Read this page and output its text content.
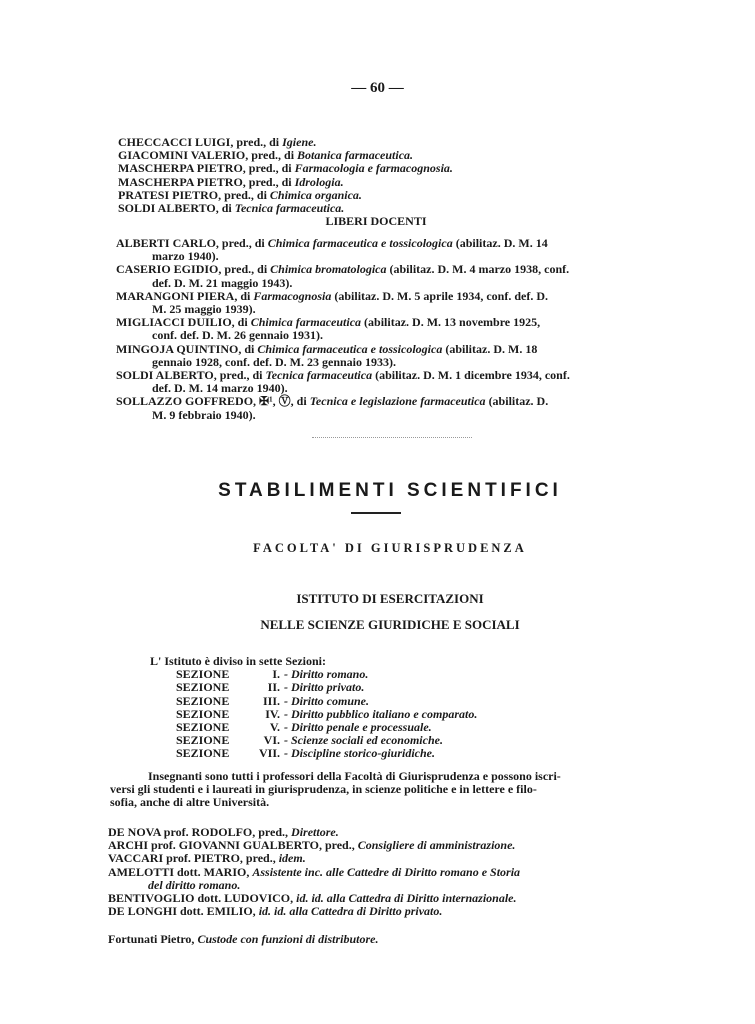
— 60 —
CHECCACCI LUIGI, pred., di Igiene.
GIACOMINI VALERIO, pred., di Botanica farmaceutica.
MASCHERPA PIETRO, pred., di Farmacologia e farmacognosia.
MASCHERPA PIETRO, pred., di Idrologia.
PRATESI PIETRO, pred., di Chimica organica.
SOLDI ALBERTO, di Tecnica farmaceutica.
LIBERI DOCENTI
ALBERTI CARLO, pred., di Chimica farmaceutica e tossicologica (abilitaz. D. M. 14
marzo 1940).
CASERIO EGIDIO, pred., di Chimica bromatologica (abilitaz. D. M. 4 marzo 1938, conf.
def. D. M. 21 maggio 1943).
MARANGONI PIERA, di Farmacognosia (abilitaz. D. M. 5 aprile 1934, conf. def. D.
M. 25 maggio 1939).
MIGLIACCI DUILIO, di Chimica farmaceutica (abilitaz. D. M. 13 novembre 1925,
conf. def. D. M. 26 gennaio 1931).
MINGOJA QUINTINO, di Chimica farmaceutica e tossicologica (abilitaz. D. M. 18
gennaio 1928, conf. def. D. M. 23 gennaio 1933).
SOLDI ALBERTO, pred., di Tecnica farmaceutica (abilitaz. D. M. 1 dicembre 1934, conf.
def. D. M. 14 marzo 1940).
SOLLAZZO GOFFREDO, ✠¹, Ⓥ, di Tecnica e legislazione farmaceutica (abilitaz. D.
M. 9 febbraio 1940).
STABILIMENTI SCIENTIFICI
FACOLTA' DI GIURISPRUDENZA
ISTITUTO DI ESERCITAZIONI
NELLE SCIENZE GIURIDICHE E SOCIALI
L' Istituto è diviso in sette Sezioni:
SEZIONE	I. - Diritto romano.
SEZIONE	II. - Diritto privato.
SEZIONE	III. - Diritto comune.
SEZIONE	IV. - Diritto pubblico italiano e comparato.
SEZIONE	V. - Diritto penale e processuale.
SEZIONE	VI. - Scienze sociali ed economiche.
SEZIONE	VII. - Discipline storico-giuridiche.
Insegnanti sono tutti i professori della Facoltà di Giurisprudenza e possono iscri-
versi gli studenti e i laureati in giurisprudenza, in scienze politiche e in lettere e filo-
sofia, anche di altre Università.
DE NOVA prof. RODOLFO, pred., Direttore.
ARCHI prof. GIOVANNI GUALBERTO, pred., Consigliere di amministrazione.
VACCARI prof. PIETRO, pred., idem.
AMELOTTI dott. MARIO, Assistente inc. alle Cattedre di Diritto romano e Storia
del diritto romano.
BENTIVOGLIO dott. LUDOVICO, id. id. alla Cattedra di Diritto internazionale.
DE LONGHI dott. EMILIO, id. id. alla Cattedra di Diritto privato.
Fortunati Pietro, Custode con funzioni di distributore.
